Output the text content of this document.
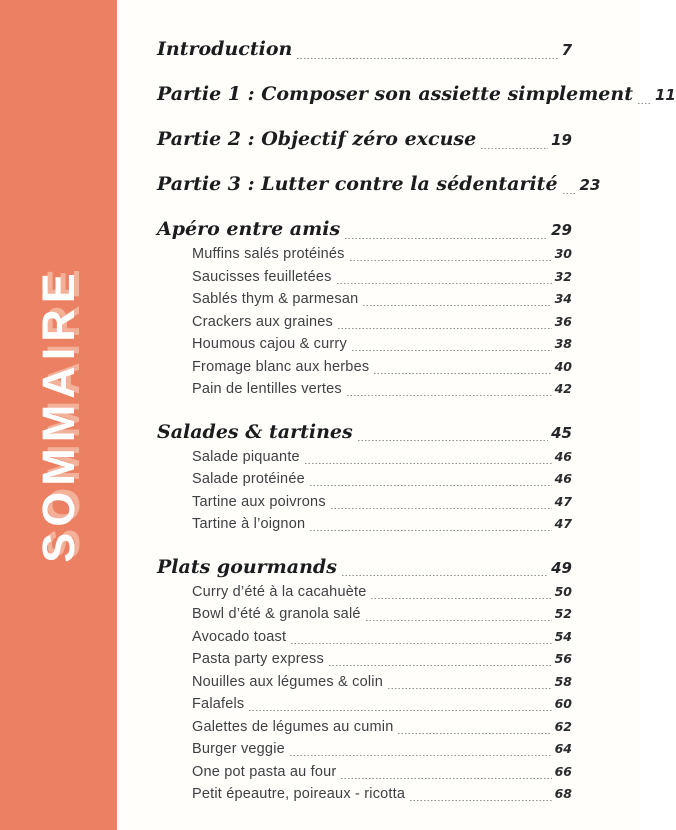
SOMMAIRE
Introduction	7
Partie 1 : Composer son assiette simplement 11
Partie 2 : Objectif zéro excuse	19
Partie 3 : Lutter contre la sédentarité 23
Apéro entre amis	29
Muffins salés protéinés	30
Saucisses feuilletées	32
Sablés thym & parmesan	34
Crackers aux graines	36
Houmous cajou & curry	38
Fromage blanc aux herbes	40
Pain de lentilles vertes	42
Salades & tartines	45
Salade piquante	46
Salade protéinée	46
Tartine aux poivrons	47
Tartine à l’oignon	47
Plats gourmands	49
Curry d’été à la cacahuète	50
Bowl d’été & granola salé	52
Avocado toast	54
Pasta party express	56
Nouilles aux légumes & colin	58
Falafels	60
Galettes de légumes au cumin	62
Burger veggie	64
One pot pasta au four	66
Petit épeautre, poireaux - ricotta	68
